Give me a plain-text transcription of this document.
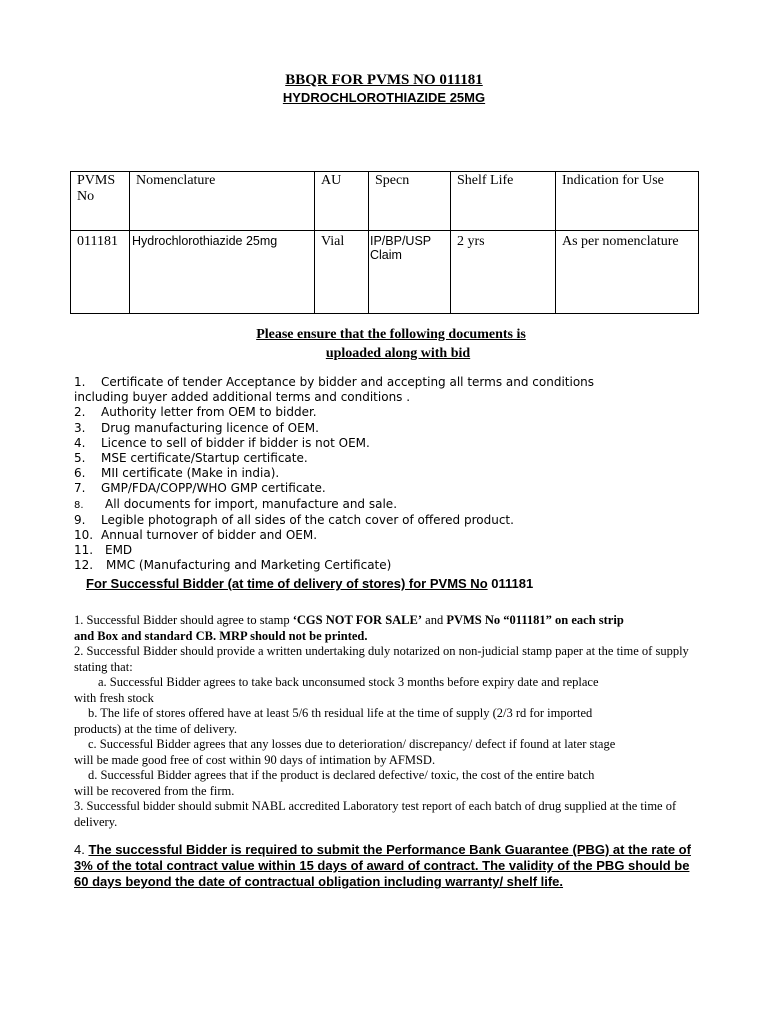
BBQR FOR PVMS NO 011181
HYDROCHLOROTHIAZIDE 25MG
PVMS No	Nomenclature	AU	Specn	Shelf Life	Indication for Use
011181	Hydrochlorothiazide 25mg	Vial	IP/BP/USP Claim	2 yrs	As per nomenclature
Please ensure that the following documents is
uploaded along with bid
1. Certificate of tender Acceptance by bidder and accepting all terms and conditions
including buyer added additional terms and conditions .
2. Authority letter from OEM to bidder.
3. Drug manufacturing licence of OEM.
4. Licence to sell of bidder if bidder is not OEM.
5. MSE certificate/Startup certificate.
6. MII certificate (Make in india).
7. GMP/FDA/COPP/WHO GMP certificate.
8. All documents for import, manufacture and sale.
9. Legible photograph of all sides of the catch cover of offered product.
10. Annual turnover of bidder and OEM.
11. EMD
12. MMC (Manufacturing and Marketing Certificate)
For Successful Bidder (at time of delivery of stores) for PVMS No 011181

1. Successful Bidder should agree to stamp ‘CGS NOT FOR SALE’ and PVMS No “011181” on each strip

and Box and standard CB. MRP should not be printed.

2. Successful Bidder should provide a written undertaking duly notarized on non-judicial stamp paper at the time of supply stating that:

a. Successful Bidder agrees to take back unconsumed stock 3 months before expiry date and replace

with fresh stock

b. The life of stores offered have at least 5/6 th residual life at the time of supply (2/3 rd for imported

products) at the time of delivery.

c. Successful Bidder agrees that any losses due to deterioration/ discrepancy/ defect if found at later stage

will be made good free of cost within 90 days of intimation by AFMSD.

d. Successful Bidder agrees that if the product is declared defective/ toxic, the cost of the entire batch

will be recovered from the firm.

3. Successful bidder should submit NABL accredited Laboratory test report of each batch of drug supplied at the time of delivery.

4. The successful Bidder is required to submit the Performance Bank Guarantee (PBG) at the rate of 3% of the total contract value within 15 days of award of contract. The validity of the PBG should be 60 days beyond the date of contractual obligation including warranty/ shelf life.
